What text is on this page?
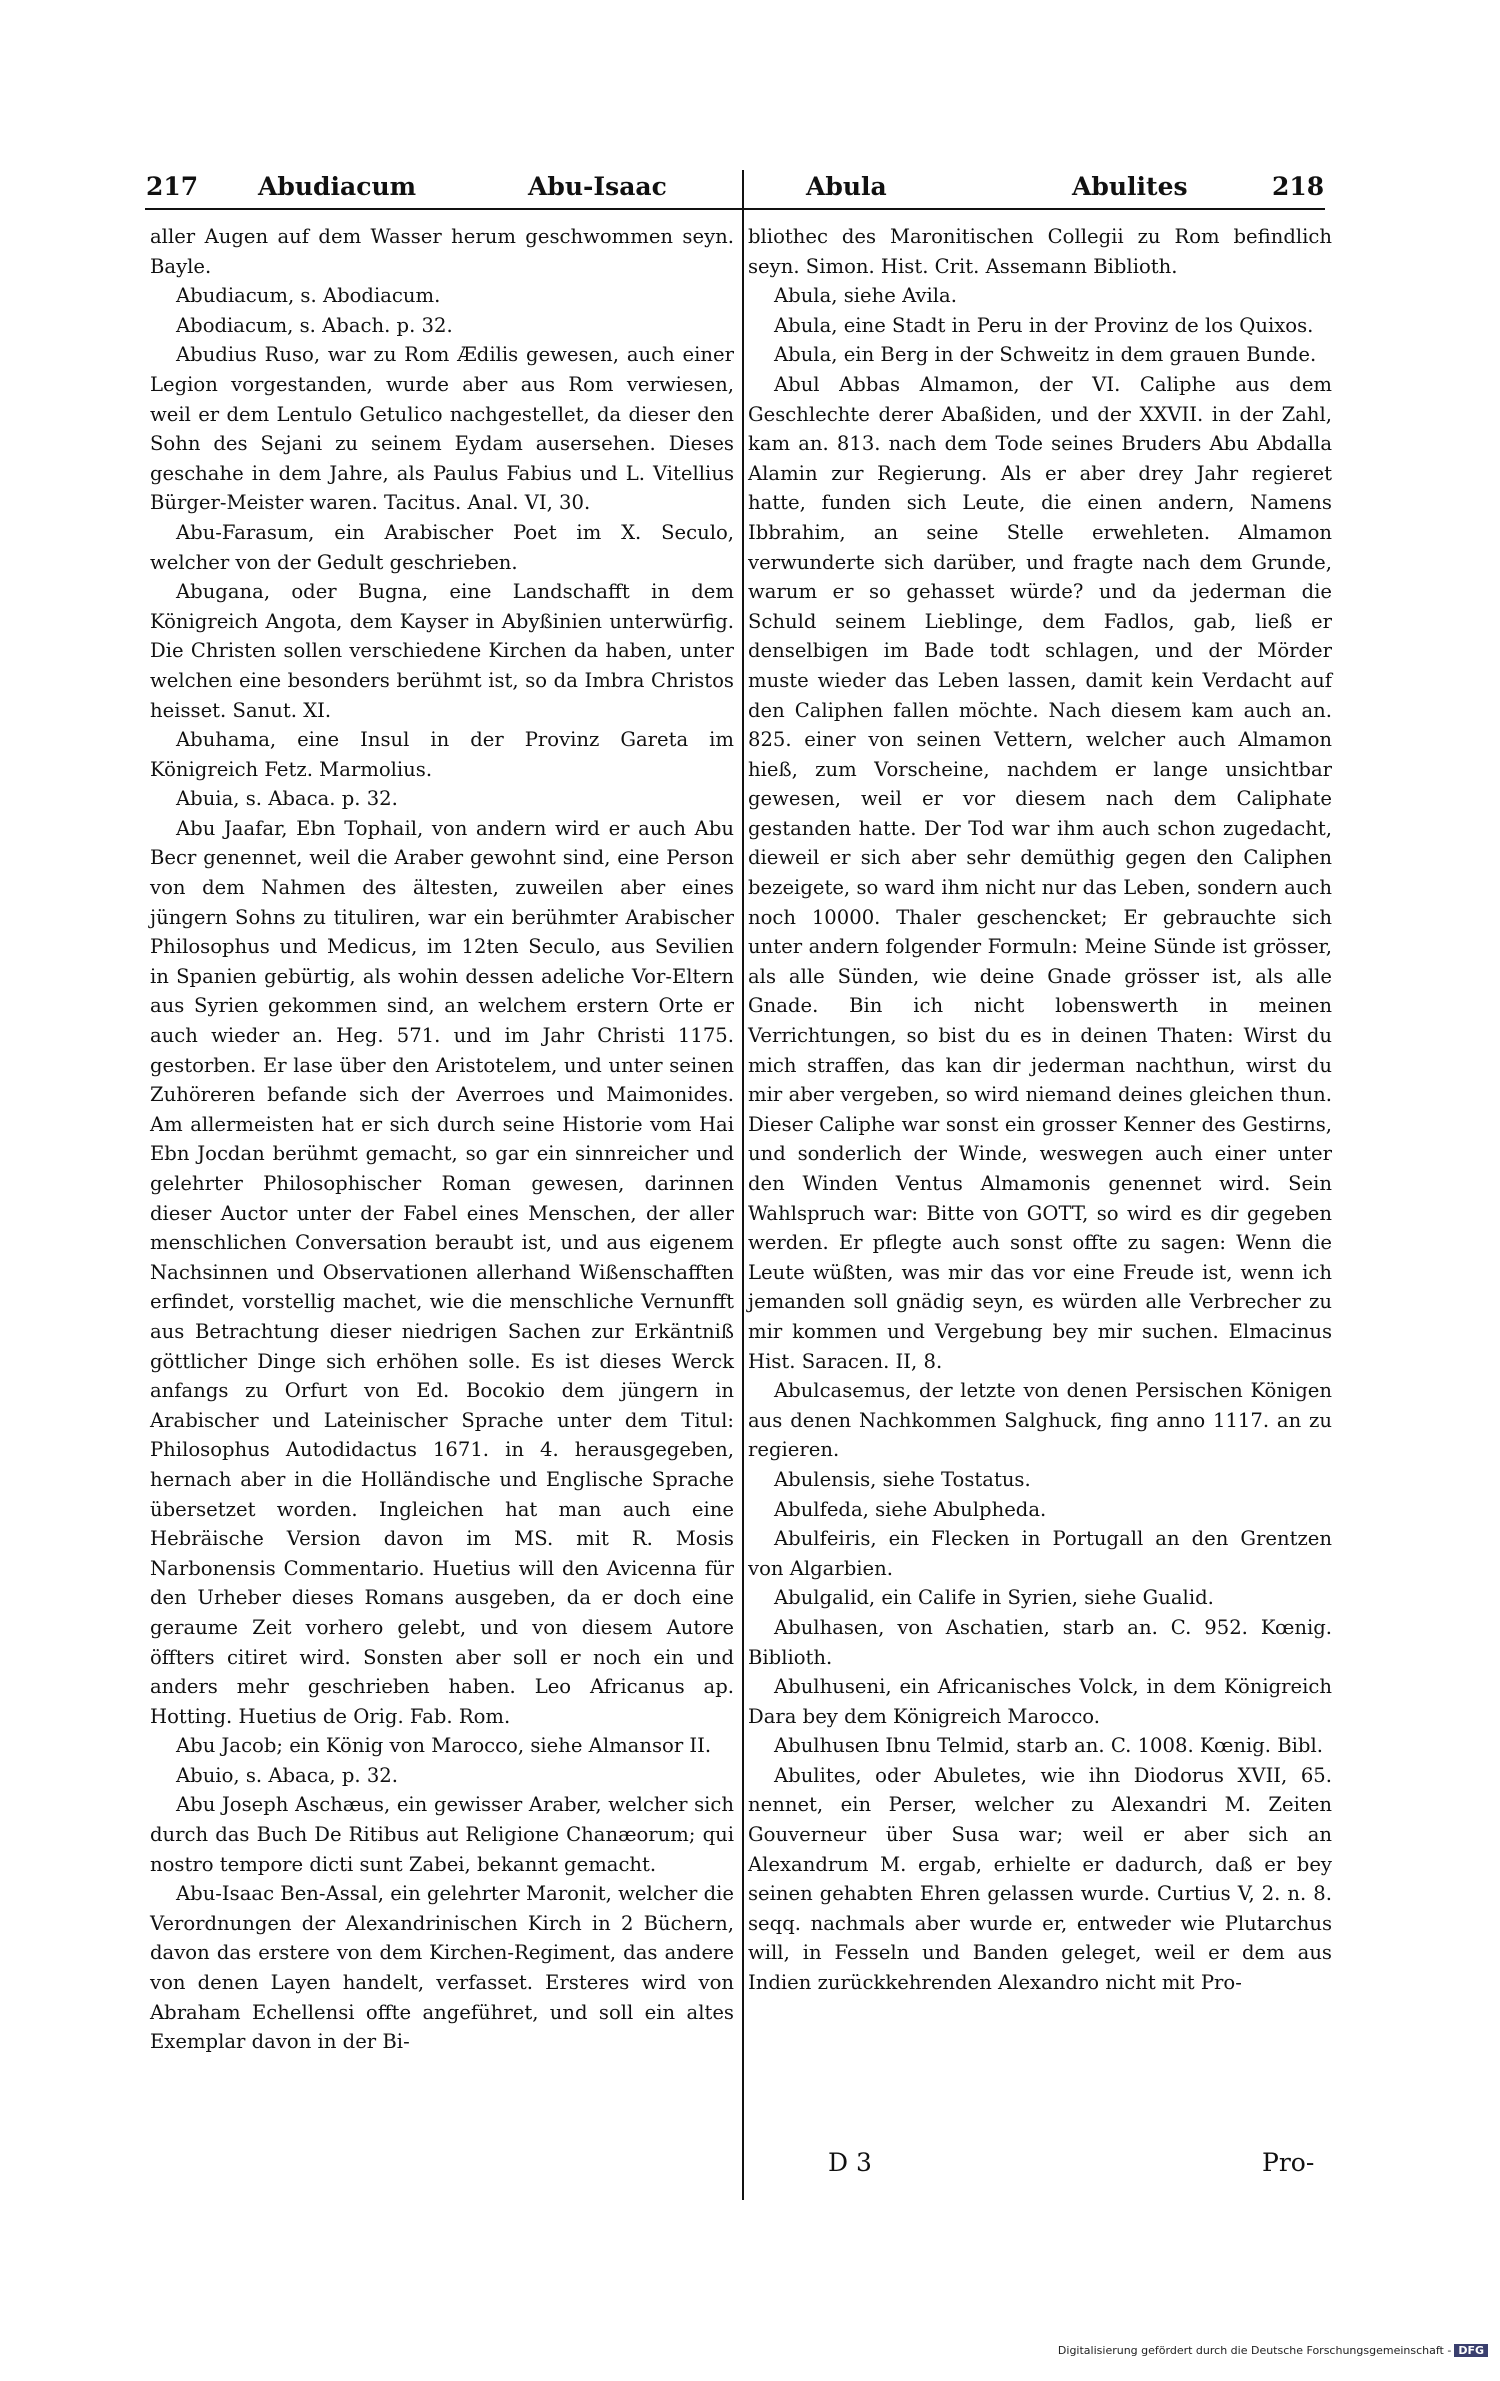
217 Abudiacum	Abu-Isaac	Abula	Abulites	218

aller Augen auf dem Wasser herum geschwommen seyn. Bayle.

Abudiacum, s. Abodiacum.

Abodiacum, s. Abach. p. 32.

Abudius Ruso, war zu Rom Ædilis gewesen, auch einer Legion vorgestanden, wurde aber aus Rom verwiesen, weil er dem Lentulo Getulico nachgestellet, da dieser den Sohn des Sejani zu seinem Eydam ausersehen. Dieses geschahe in dem Jahre, als Paulus Fabius und L. Vitellius Bürger-Meister waren. Tacitus. Anal. VI, 30.

Abu-Farasum, ein Arabischer Poet im X. Seculo, welcher von der Gedult geschrieben.

Abugana, oder Bugna, eine Landschafft in dem Königreich Angota, dem Kayser in Abyßinien unterwürfig. Die Christen sollen verschiedene Kirchen da haben, unter welchen eine besonders berühmt ist, so da Imbra Christos heisset. Sanut. XI.

Abuhama, eine Insul in der Provinz Gareta im Königreich Fetz. Marmolius.

Abuia, s. Abaca. p. 32.

Abu Jaafar, Ebn Tophail, von andern wird er auch Abu Becr genennet, weil die Araber gewohnt sind, eine Person von dem Nahmen des ältesten, zuweilen aber eines jüngern Sohns zu tituliren, war ein berühmter Arabischer Philosophus und Medicus, im 12ten Seculo, aus Sevilien in Spanien gebürtig, als wohin dessen adeliche Vor-Eltern aus Syrien gekommen sind, an welchem erstern Orte er auch wieder an. Heg. 571. und im Jahr Christi 1175. gestorben. Er lase über den Aristotelem, und unter seinen Zuhöreren befande sich der Averroes und Maimonides. Am allermeisten hat er sich durch seine Historie vom Hai Ebn Jocdan berühmt gemacht, so gar ein sinnreicher und gelehrter Philosophischer Roman gewesen, darinnen dieser Auctor unter der Fabel eines Menschen, der aller menschlichen Conversation beraubt ist, und aus eigenem Nachsinnen und Observationen allerhand Wißenschafften erfindet, vorstellig machet, wie die menschliche Vernunfft aus Betrachtung dieser niedrigen Sachen zur Erkäntniß göttlicher Dinge sich erhöhen solle. Es ist dieses Werck anfangs zu Orfurt von Ed. Bocokio dem jüngern in Arabischer und Lateinischer Sprache unter dem Titul: Philosophus Autodidactus 1671. in 4. herausgegeben, hernach aber in die Holländische und Englische Sprache übersetzet worden. Ingleichen hat man auch eine Hebräische Version davon im MS. mit R. Mosis Narbonensis Commentario. Huetius will den Avicenna für den Urheber dieses Romans ausgeben, da er doch eine geraume Zeit vorhero gelebt, und von diesem Autore öffters citiret wird. Sonsten aber soll er noch ein und anders mehr geschrieben haben. Leo Africanus ap. Hotting. Huetius de Orig. Fab. Rom.

Abu Jacob; ein König von Marocco, siehe Almansor II.

Abuio, s. Abaca, p. 32.

Abu Joseph Aschæus, ein gewisser Araber, welcher sich durch das Buch De Ritibus aut Religione Chanæorum; qui nostro tempore dicti sunt Zabei, bekannt gemacht.

Abu-Isaac Ben-Assal, ein gelehrter Maronit, welcher die Verordnungen der Alexandrinischen Kirch in 2 Büchern, davon das erstere von dem Kirchen-Regiment, das andere von denen Layen handelt, verfasset. Ersteres wird von Abraham Echellensi offte angeführet, und soll ein altes Exemplar davon in der Bi-

bliothec des Maronitischen Collegii zu Rom befindlich seyn. Simon. Hist. Crit. Assemann Biblioth.

Abula, siehe Avila.

Abula, eine Stadt in Peru in der Provinz de los Quixos.

Abula, ein Berg in der Schweitz in dem grauen Bunde.

Abul Abbas Almamon, der VI. Caliphe aus dem Geschlechte derer Abaßiden, und der XXVII. in der Zahl, kam an. 813. nach dem Tode seines Bruders Abu Abdalla Alamin zur Regierung. Als er aber drey Jahr regieret hatte, funden sich Leute, die einen andern, Namens Ibbrahim, an seine Stelle erwehleten. Almamon verwunderte sich darüber, und fragte nach dem Grunde, warum er so gehasset würde? und da jederman die Schuld seinem Lieblinge, dem Fadlos, gab, ließ er denselbigen im Bade todt schlagen, und der Mörder muste wieder das Leben lassen, damit kein Verdacht auf den Caliphen fallen möchte. Nach diesem kam auch an. 825. einer von seinen Vettern, welcher auch Almamon hieß, zum Vorscheine, nachdem er lange unsichtbar gewesen, weil er vor diesem nach dem Caliphate gestanden hatte. Der Tod war ihm auch schon zugedacht, dieweil er sich aber sehr demüthig gegen den Caliphen bezeigete, so ward ihm nicht nur das Leben, sondern auch noch 10000. Thaler geschencket; Er gebrauchte sich unter andern folgender Formuln: Meine Sünde ist grösser, als alle Sünden, wie deine Gnade grösser ist, als alle Gnade. Bin ich nicht lobenswerth in meinen Verrichtungen, so bist du es in deinen Thaten: Wirst du mich straffen, das kan dir jederman nachthun, wirst du mir aber vergeben, so wird niemand deines gleichen thun. Dieser Caliphe war sonst ein grosser Kenner des Gestirns, und sonderlich der Winde, weswegen auch einer unter den Winden Ventus Almamonis genennet wird. Sein Wahlspruch war: Bitte von GOTT, so wird es dir gegeben werden. Er pflegte auch sonst offte zu sagen: Wenn die Leute wüßten, was mir das vor eine Freude ist, wenn ich jemanden soll gnädig seyn, es würden alle Verbrecher zu mir kommen und Vergebung bey mir suchen. Elmacinus Hist. Saracen. II, 8.

Abulcasemus, der letzte von denen Persischen Königen aus denen Nachkommen Salghuck, fing anno 1117. an zu regieren.

Abulensis, siehe Tostatus.

Abulfeda, siehe Abulpheda.

Abulfeiris, ein Flecken in Portugall an den Grentzen von Algarbien.

Abulgalid, ein Calife in Syrien, siehe Gualid.

Abulhasen, von Aschatien, starb an. C. 952. Kœnig. Biblioth.

Abulhuseni, ein Africanisches Volck, in dem Königreich Dara bey dem Königreich Marocco.

Abulhusen Ibnu Telmid, starb an. C. 1008. Kœnig. Bibl.

Abulites, oder Abuletes, wie ihn Diodorus XVII, 65. nennet, ein Perser, welcher zu Alexandri M. Zeiten Gouverneur über Susa war; weil er aber sich an Alexandrum M. ergab, erhielte er dadurch, daß er bey seinen gehabten Ehren gelassen wurde. Curtius V, 2. n. 8. seqq. nachmals aber wurde er, entweder wie Plutarchus will, in Fesseln und Banden geleget, weil er dem aus Indien zurückkehrenden Alexandro nicht mit Pro-

D 3	Pro-
Digitalisierung gefördert durch die Deutsche Forschungsgemeinschaft - DFG
